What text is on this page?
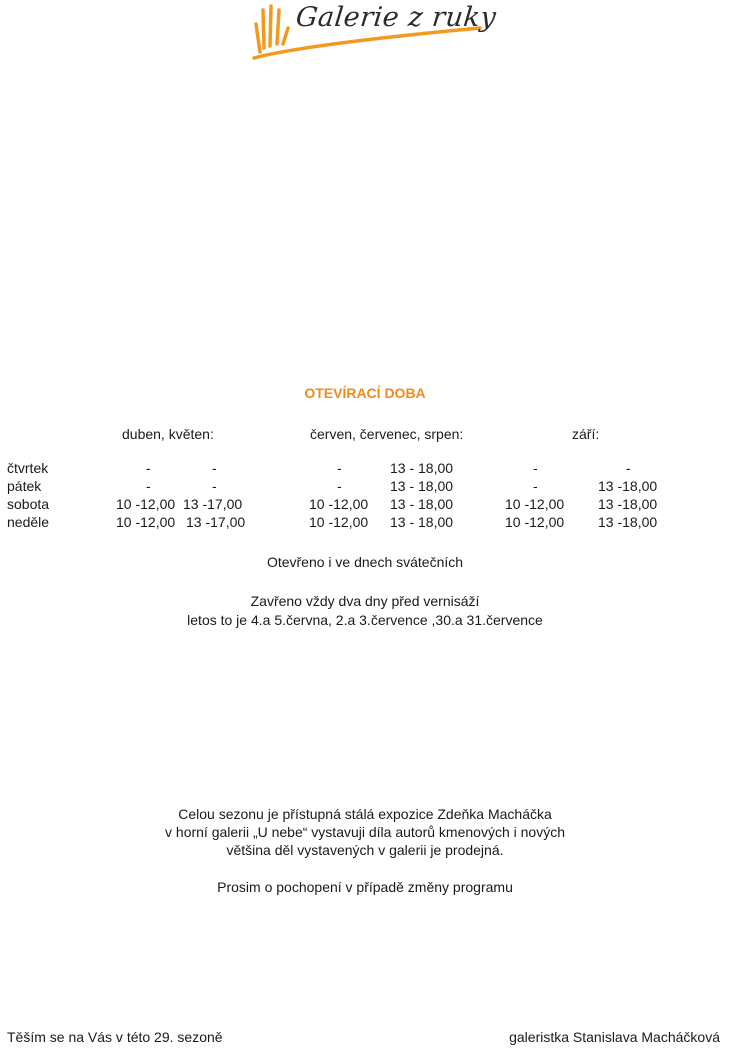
Galerie z ruky
OTEVÍRACÍ DOBA
duben, květen:	červen, červenec, srpen:	září:
čtvrtek	-	-	-	13 - 18,00	-	-
pátek	-	-	-	13 - 18,00	-	13 -18,00
sobota	10 -12,00 13 -17,00	10 -12,00 13 - 18,00	10 -12,00 13 -18,00
neděle	10 -12,00 13 -17,00	10 -12,00 13 - 18,00	10 -12,00 13 -18,00
Otevřeno i ve dnech svátečních
Zavřeno vždy dva dny před vernisáží
letos to je 4.a 5.června, 2.a 3.července ,30.a 31.července
Celou sezonu je přístupná stálá expozice Zdeňka Macháčka
v horní galerii „U nebe“ vystavuji díla autorů kmenových i nových
většina děl vystavených v galerii je prodejná.
Prosim o pochopení v případě změny programu
Těším se na Vás v této 29. sezoně	galeristka Stanislava Macháčková
